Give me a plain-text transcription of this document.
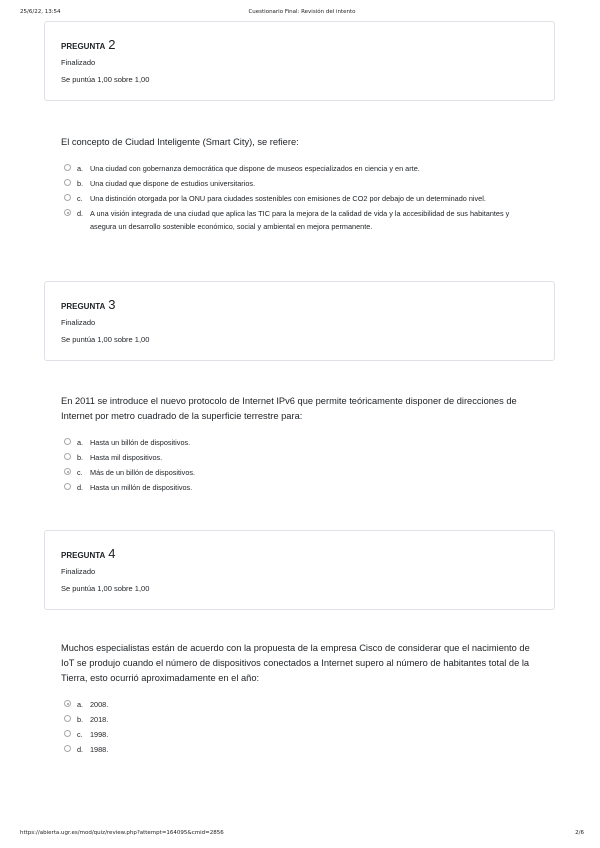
25/6/22, 13:54	Cuestionario Final: Revisión del intento
PREGUNTA 2
Finalizado
Se puntúa 1,00 sobre 1,00
El concepto de Ciudad Inteligente (Smart City), se refiere:
a. Una ciudad con gobernanza democrática que dispone de museos especializados en ciencia y en arte.
b. Una ciudad que dispone de estudios universitarios.
c. Una distinción otorgada por la ONU para ciudades sostenibles con emisiones de CO2 por debajo de un determinado nivel.
d. A una visión integrada de una ciudad que aplica las TIC para la mejora de la calidad de vida y la accesibilidad de sus habitantes y asegura un desarrollo sostenible económico, social y ambiental en mejora permanente.
PREGUNTA 3
Finalizado
Se puntúa 1,00 sobre 1,00
En 2011 se introduce el nuevo protocolo de Internet IPv6 que permite teóricamente disponer de direcciones de Internet por metro cuadrado de la superficie terrestre para:
a. Hasta un billón de dispositivos.
b. Hasta mil dispositivos.
c. Más de un billón de dispositivos.
d. Hasta un millón de dispositivos.
PREGUNTA 4
Finalizado
Se puntúa 1,00 sobre 1,00
Muchos especialistas están de acuerdo con la propuesta de la empresa Cisco de considerar que el nacimiento de IoT se produjo cuando el número de dispositivos conectados a Internet supero al número de habitantes total de la Tierra, esto ocurrió aproximadamente en el año:
a. 2008.
b. 2018.
c. 1998.
d. 1988.
https://abierta.ugr.es/mod/quiz/review.php?attempt=164095&cmid=2856	2/6
